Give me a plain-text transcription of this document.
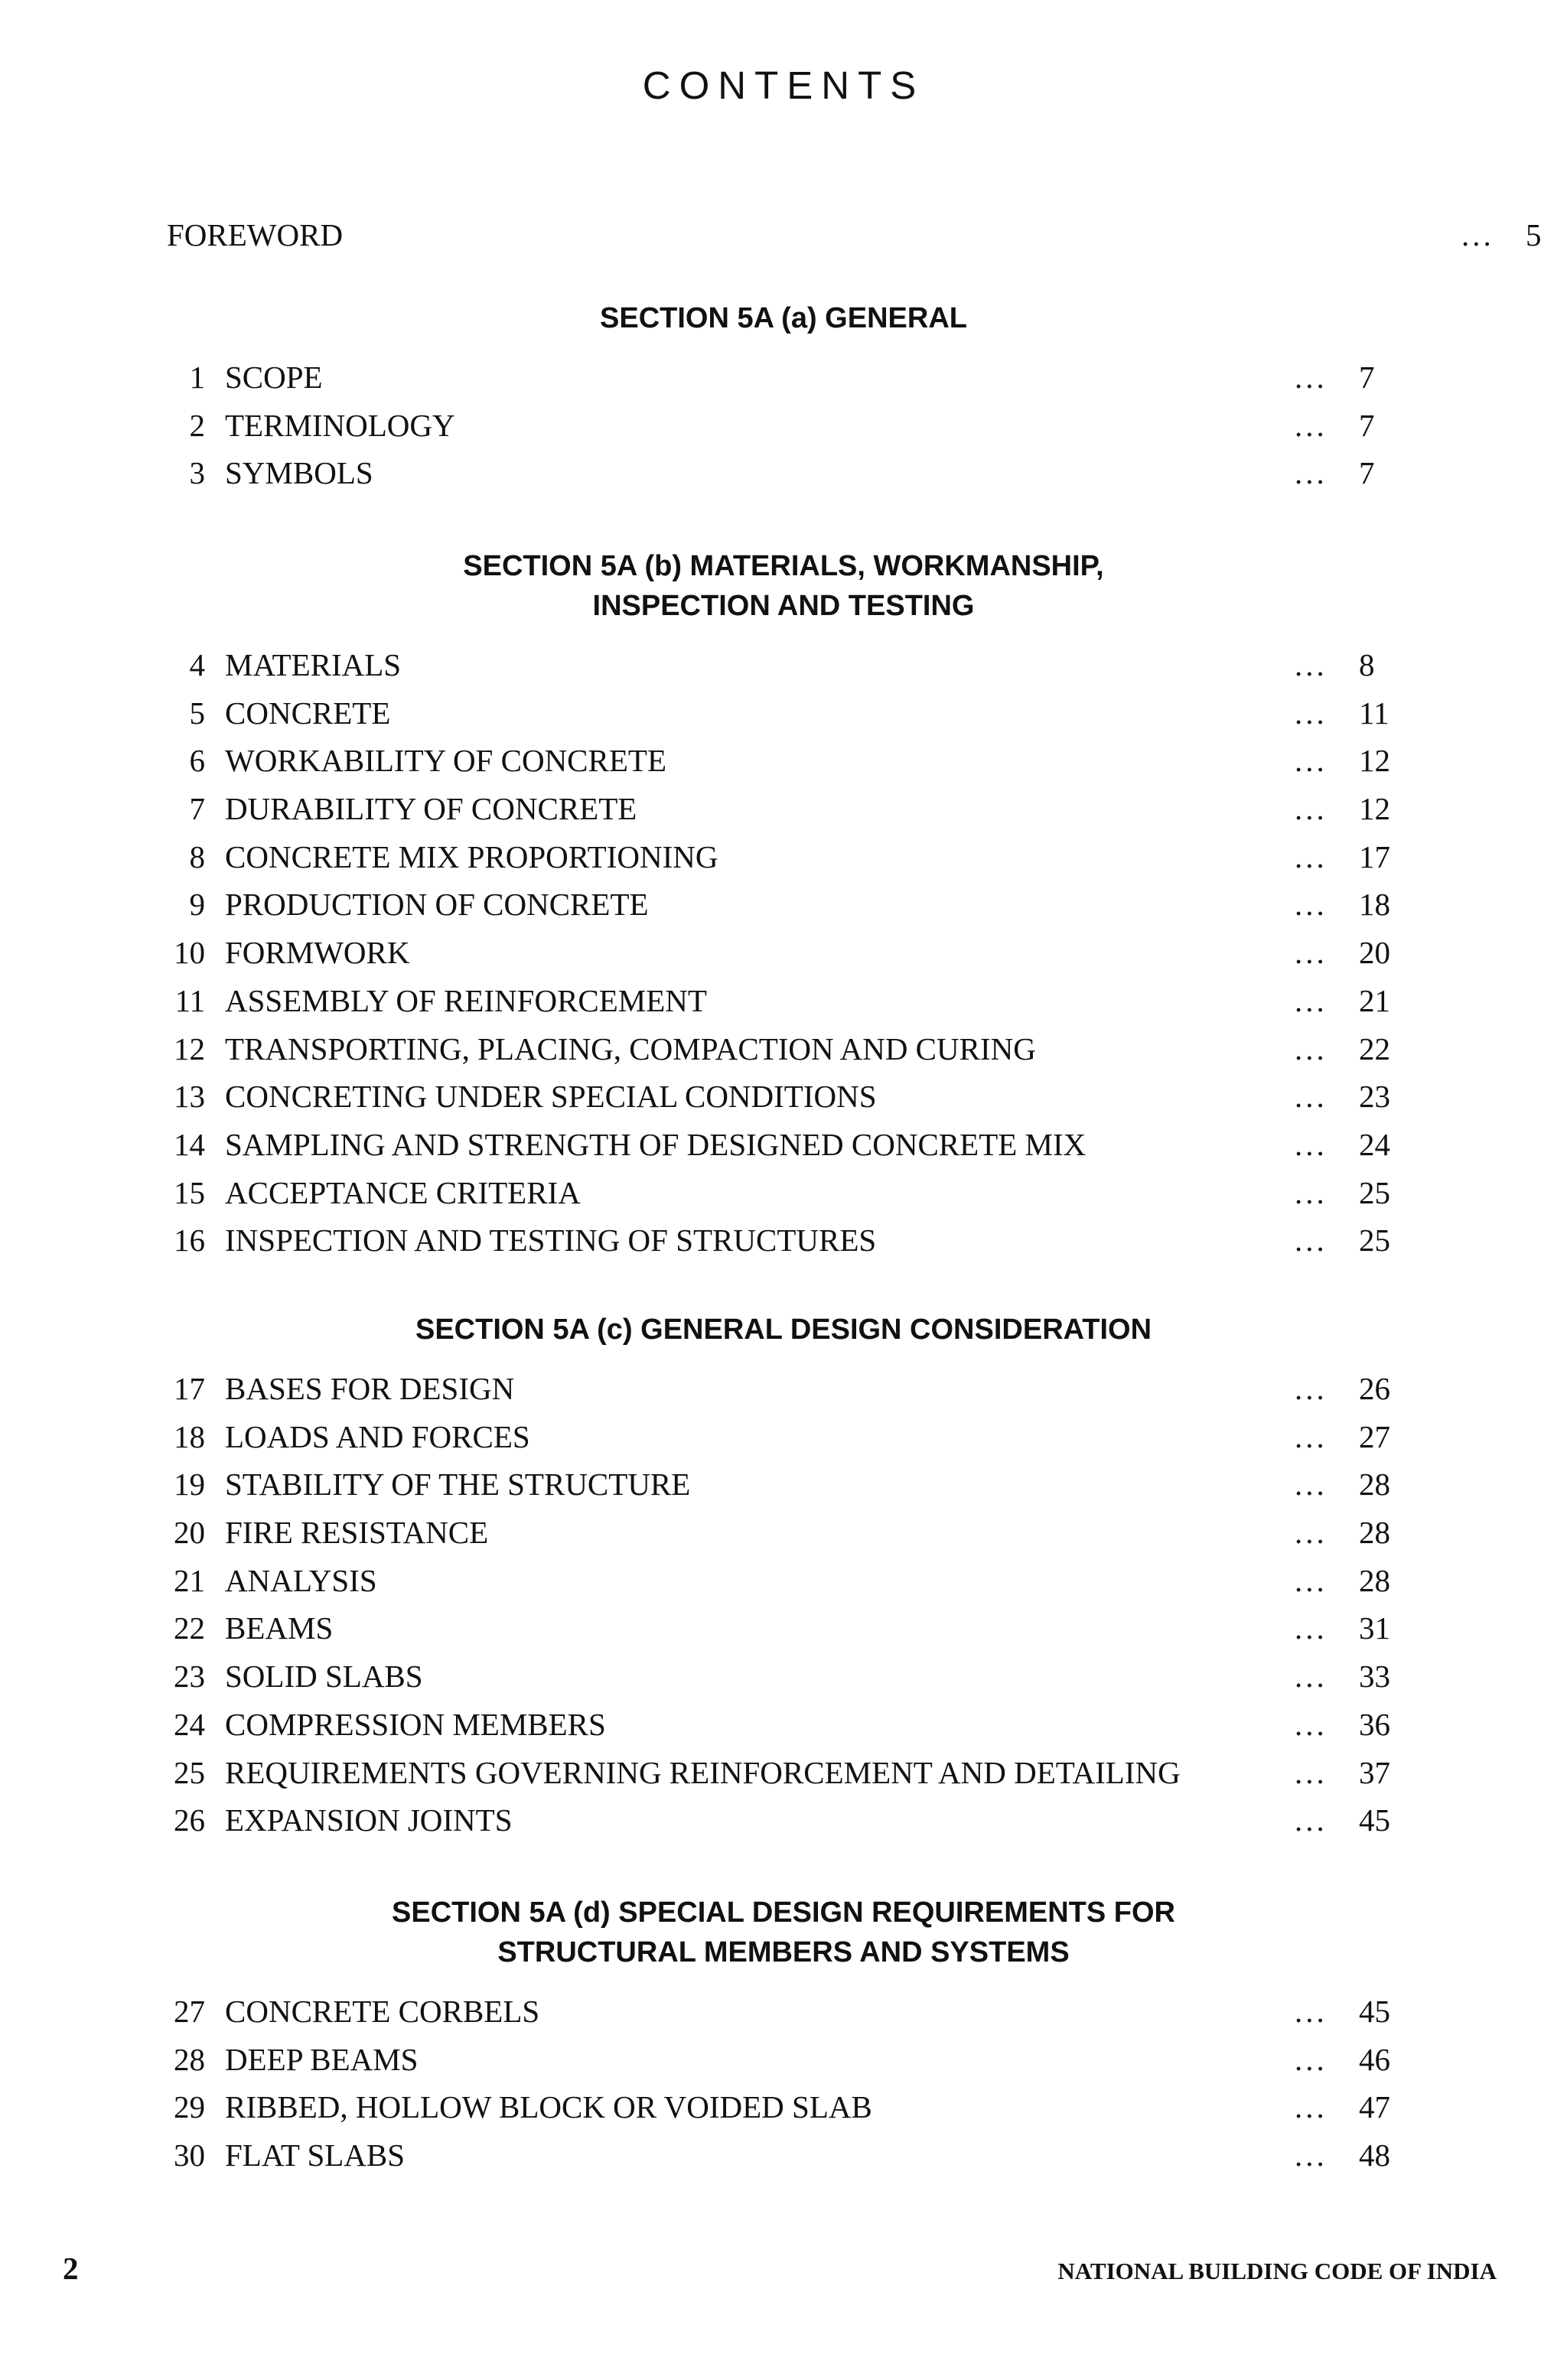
CONTENTS
FOREWORD	... 5
SECTION 5A (a) GENERAL
1 SCOPE	... 7
2 TERMINOLOGY	... 7
3 SYMBOLS	... 7
SECTION 5A (b) MATERIALS, WORKMANSHIP,
INSPECTION AND TESTING
4 MATERIALS	... 8
5 CONCRETE	... 11
6 WORKABILITY OF CONCRETE	... 12
7 DURABILITY OF CONCRETE	... 12
8 CONCRETE MIX PROPORTIONING	... 17
9 PRODUCTION OF CONCRETE	... 18
10 FORMWORK	... 20
11 ASSEMBLY OF REINFORCEMENT	... 21
12 TRANSPORTING, PLACING, COMPACTION AND CURING	... 22
13 CONCRETING UNDER SPECIAL CONDITIONS	... 23
14 SAMPLING AND STRENGTH OF DESIGNED CONCRETE MIX	... 24
15 ACCEPTANCE CRITERIA	... 25
16 INSPECTION AND TESTING OF STRUCTURES	... 25
SECTION 5A (c) GENERAL DESIGN CONSIDERATION
17 BASES FOR DESIGN	... 26
18 LOADS AND FORCES	... 27
19 STABILITY OF THE STRUCTURE	... 28
20 FIRE RESISTANCE	... 28
21 ANALYSIS	... 28
22 BEAMS	... 31
23 SOLID SLABS	... 33
24 COMPRESSION MEMBERS	... 36
25 REQUIREMENTS GOVERNING REINFORCEMENT AND DETAILING	... 37
26 EXPANSION JOINTS	... 45
SECTION 5A (d) SPECIAL DESIGN REQUIREMENTS FOR
STRUCTURAL MEMBERS AND SYSTEMS
27 CONCRETE CORBELS	... 45
28 DEEP BEAMS	... 46
29 RIBBED, HOLLOW BLOCK OR VOIDED SLAB	... 47
30 FLAT SLABS	... 48
2	NATIONAL BUILDING CODE OF INDIA
